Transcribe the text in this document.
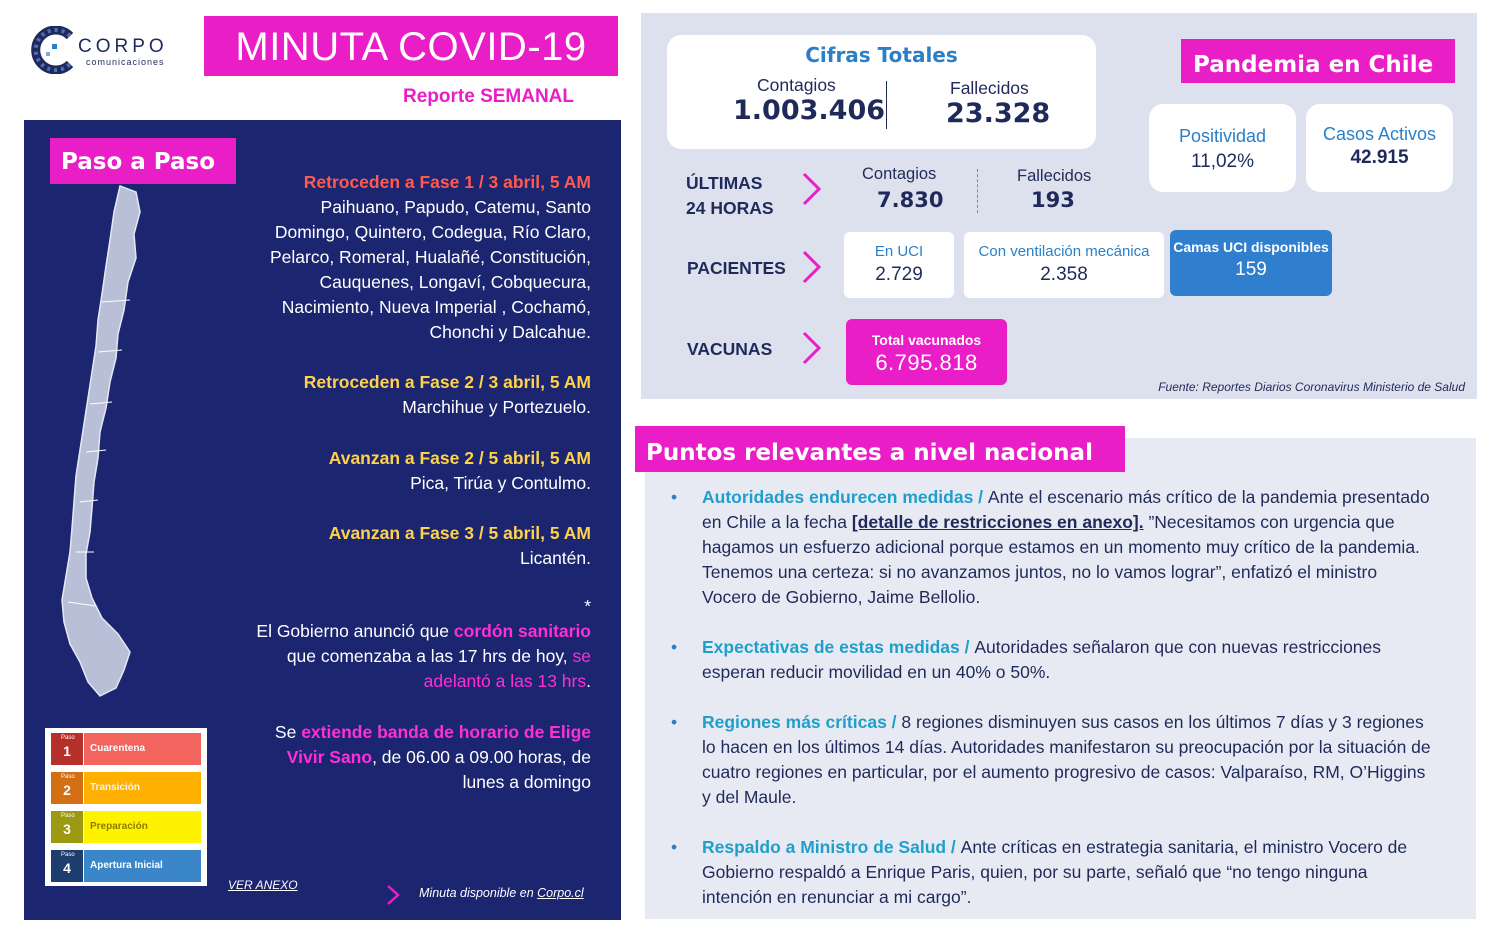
CORPO
comunicaciones	MINUTA COVID-19
Reporte SEMANAL
Paso a Paso
Retroceden a Fase 1 / 3 abril, 5 AM
Paihuano, Papudo, Catemu, Santo
Domingo, Quintero, Codegua, Río Claro,
Pelarco, Romeral, Hualañé, Constitución,
Cauquenes, Longaví, Cobquecura,
Nacimiento, Nueva Imperial , Cochamó,
Chonchi y Dalcahue.
Retroceden a Fase 2 / 3 abril, 5 AM
Marchihue y Portezuelo.
Avanzan a Fase 2 / 5 abril, 5 AM
Pica, Tirúa y Contulmo.
Avanzan a Fase 3 / 5 abril, 5 AM
Licantén.
*
El Gobierno anunció que cordón sanitario
que comenzaba a las 17 hrs de hoy, se
adelantó a las 13 hrs.
Se extiende banda de horario de Elige
Vivir Sano, de 06.00 a 09.00 horas, de
lunes a domingo
Paso
1	Cuarentena
Paso
2	Transición
Paso
3	Preparación
Paso
4	Apertura Inicial
VER ANEXO
Minuta disponible en Corpo.cl
Cifras Totales
Contagios
1.003.406
Fallecidos
23.328
Pandemia en Chile
Positividad
11,02%
Casos Activos
42.915
ÚLTIMAS
24 HORAS
Contagios
7.830
Fallecidos
193
PACIENTES
En UCI
2.729
Con ventilación mecánica
2.358
Camas UCI disponibles
159
VACUNAS	Total vacunados
6.795.818
Fuente: Reportes Diarios Coronavirus Ministerio de Salud
Puntos relevantes a nivel nacional
•	Autoridades endurecen medidas / Ante el escenario más crítico de la pandemia presentado en Chile a la fecha [detalle de restricciones en anexo]. ”Necesitamos con urgencia que hagamos un esfuerzo adicional porque estamos en un momento muy crítico de la pandemia. Tenemos una certeza: si no avanzamos juntos, no lo vamos lograr”, enfatizó el ministro Vocero de Gobierno, Jaime Bellolio.
•	Expectativas de estas medidas / Autoridades señalaron que con nuevas restricciones esperan reducir movilidad en un 40% o 50%.
•	Regiones más críticas / 8 regiones disminuyen sus casos en los últimos 7 días y 3 regiones lo hacen en los últimos 14 días. Autoridades manifestaron su preocupación por la situación de cuatro regiones en particular, por el aumento progresivo de casos: Valparaíso, RM, O’Higgins y del Maule.
•	Respaldo a Ministro de Salud / Ante críticas en estrategia sanitaria, el ministro Vocero de Gobierno respaldó a Enrique Paris, quien, por su parte, señaló que “no tengo ninguna intención en renunciar a mi cargo”.
